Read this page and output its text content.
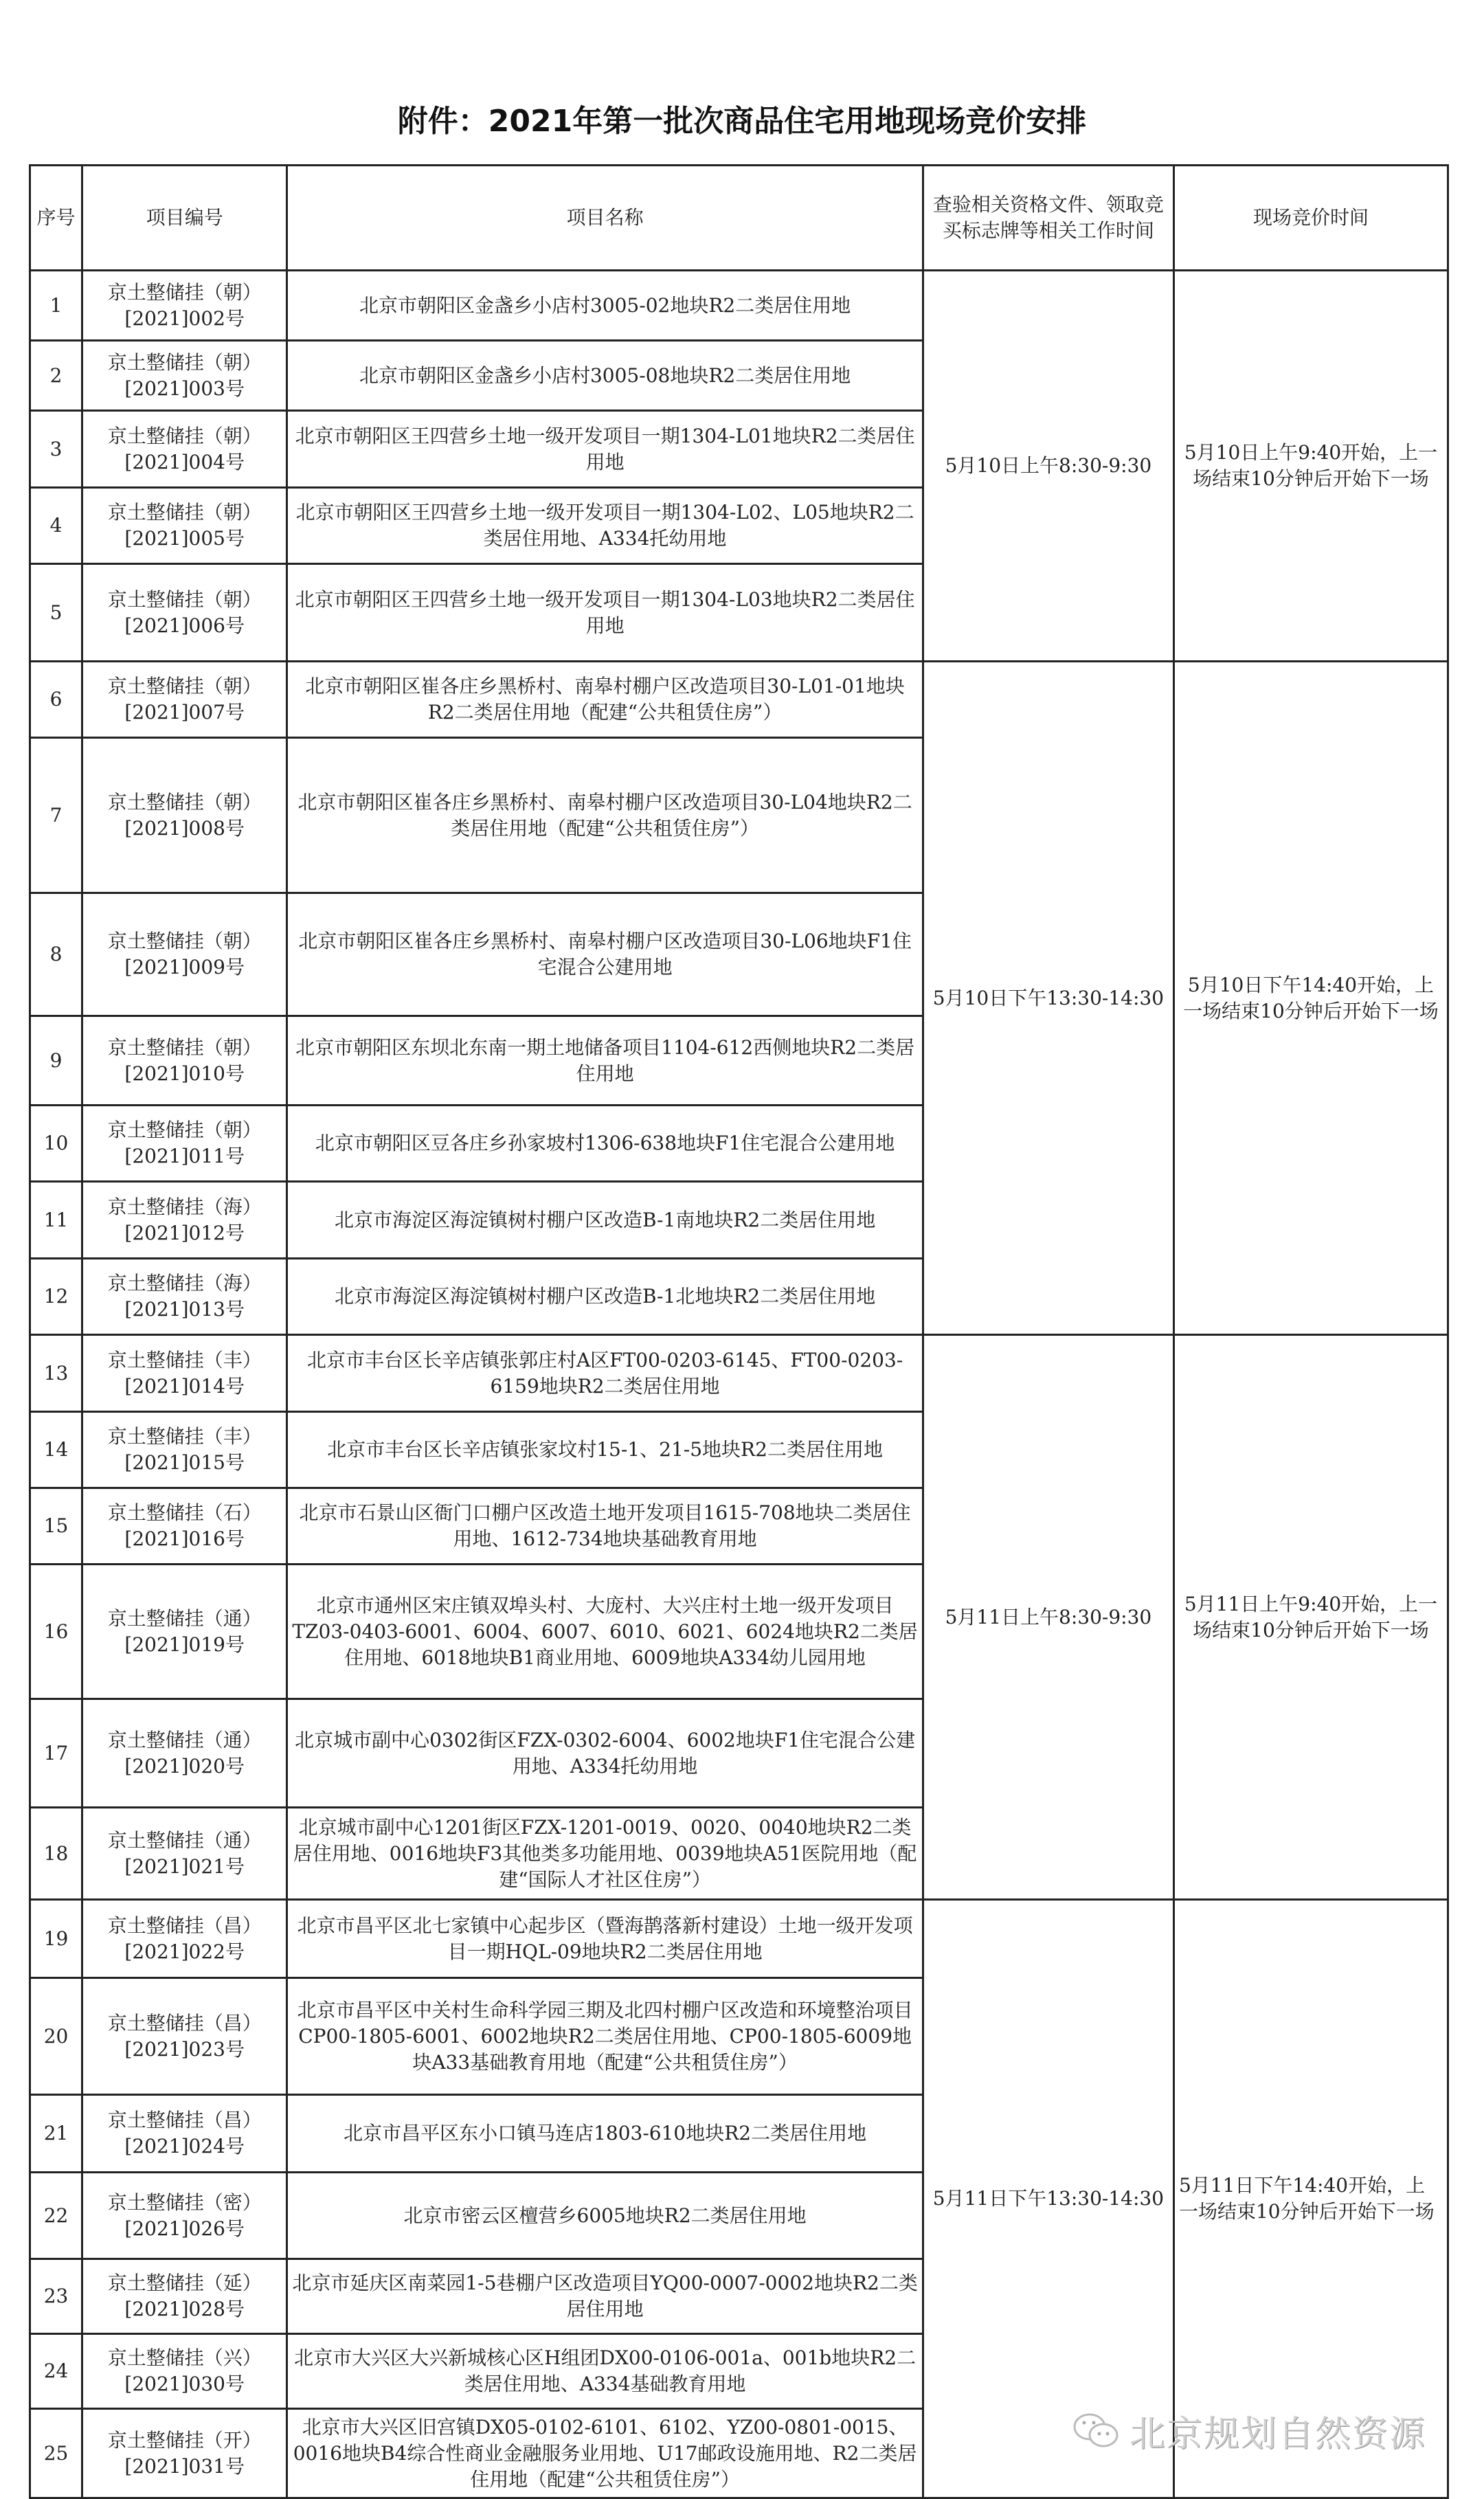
附件：2021年第一批次商品住宅用地现场竞价安排
序号	项目编号	项目名称	查验相关资格文件、领取竞买标志牌等相关工作时间	现场竞价时间
1	京土整储挂（朝）[2021]002号	北京市朝阳区金盏乡小店村3005-02地块R2二类居住用地	5月10日上午8:30-9:30	5月10日上午9:40开始，上一场结束10分钟后开始下一场
2	京土整储挂（朝）[2021]003号	北京市朝阳区金盏乡小店村3005-08地块R2二类居住用地		
3	京土整储挂（朝）[2021]004号	北京市朝阳区王四营乡土地一级开发项目一期1304-L01地块R2二类居住用地		
4	京土整储挂（朝）[2021]005号	北京市朝阳区王四营乡土地一级开发项目一期1304-L02、L05地块R2二类居住用地、A334托幼用地		
5	京土整储挂（朝）[2021]006号	北京市朝阳区王四营乡土地一级开发项目一期1304-L03地块R2二类居住用地		
6	京土整储挂（朝）[2021]007号	北京市朝阳区崔各庄乡黑桥村、南皋村棚户区改造项目30-L01-01地块R2二类居住用地（配建“公共租赁住房”）	5月10日下午13:30-14:30	5月10日下午14:40开始，上一场结束10分钟后开始下一场
7	京土整储挂（朝）[2021]008号	北京市朝阳区崔各庄乡黑桥村、南皋村棚户区改造项目30-L04地块R2二类居住用地（配建“公共租赁住房”）		
8	京土整储挂（朝）[2021]009号	北京市朝阳区崔各庄乡黑桥村、南皋村棚户区改造项目30-L06地块F1住宅混合公建用地		
9	京土整储挂（朝）[2021]010号	北京市朝阳区东坝北东南一期土地储备项目1104-612西侧地块R2二类居住用地		
10	京土整储挂（朝）[2021]011号	北京市朝阳区豆各庄乡孙家坡村1306-638地块F1住宅混合公建用地		
11	京土整储挂（海）[2021]012号	北京市海淀区海淀镇树村棚户区改造B-1南地块R2二类居住用地		
12	京土整储挂（海）[2021]013号	北京市海淀区海淀镇树村棚户区改造B-1北地块R2二类居住用地		
13	京土整储挂（丰）[2021]014号	北京市丰台区长辛店镇张郭庄村A区FT00-0203-6145、FT00-0203-6159地块R2二类居住用地	5月11日上午8:30-9:30	5月11日上午9:40开始，上一场结束10分钟后开始下一场
14	京土整储挂（丰）[2021]015号	北京市丰台区长辛店镇张家坟村15-1、21-5地块R2二类居住用地		
15	京土整储挂（石）[2021]016号	北京市石景山区衙门口棚户区改造土地开发项目1615-708地块二类居住用地、1612-734地块基础教育用地		
16	京土整储挂（通）[2021]019号	北京市通州区宋庄镇双埠头村、大庞村、大兴庄村土地一级开发项目TZ03-0403-6001、6004、6007、6010、6021、6024地块R2二类居住用地、6018地块B1商业用地、6009地块A334幼儿园用地		
17	京土整储挂（通）[2021]020号	北京城市副中心0302街区FZX-0302-6004、6002地块F1住宅混合公建用地、A334托幼用地		
18	京土整储挂（通）[2021]021号	北京城市副中心1201街区FZX-1201-0019、0020、0040地块R2二类居住用地、0016地块F3其他类多功能用地、0039地块A51医院用地（配建“国际人才社区住房”）		
19	京土整储挂（昌）[2021]022号	北京市昌平区北七家镇中心起步区（暨海鹊落新村建设）土地一级开发项目一期HQL-09地块R2二类居住用地	5月11日下午13:30-14:30	5月11日下午14:40开始，上一场结束10分钟后开始下一场
20	京土整储挂（昌）[2021]023号	北京市昌平区中关村生命科学园三期及北四村棚户区改造和环境整治项目CP00-1805-6001、6002地块R2二类居住用地、CP00-1805-6009地块A33基础教育用地（配建“公共租赁住房”）		
21	京土整储挂（昌）[2021]024号	北京市昌平区东小口镇马连店1803-610地块R2二类居住用地		
22	京土整储挂（密）[2021]026号	北京市密云区檀营乡6005地块R2二类居住用地		
23	京土整储挂（延）[2021]028号	北京市延庆区南菜园1-5巷棚户区改造项目YQ00-0007-0002地块R2二类居住用地		
24	京土整储挂（兴）[2021]030号	北京市大兴区大兴新城核心区H组团DX00-0106-001a、001b地块R2二类居住用地、A334基础教育用地		
25	京土整储挂（开）[2021]031号	北京市大兴区旧宫镇DX05-0102-6101、6102、YZ00-0801-0015、0016地块B4综合性商业金融服务业用地、U17邮政设施用地、R2二类居住用地（配建“公共租赁住房”）		
北京规划自然资源
